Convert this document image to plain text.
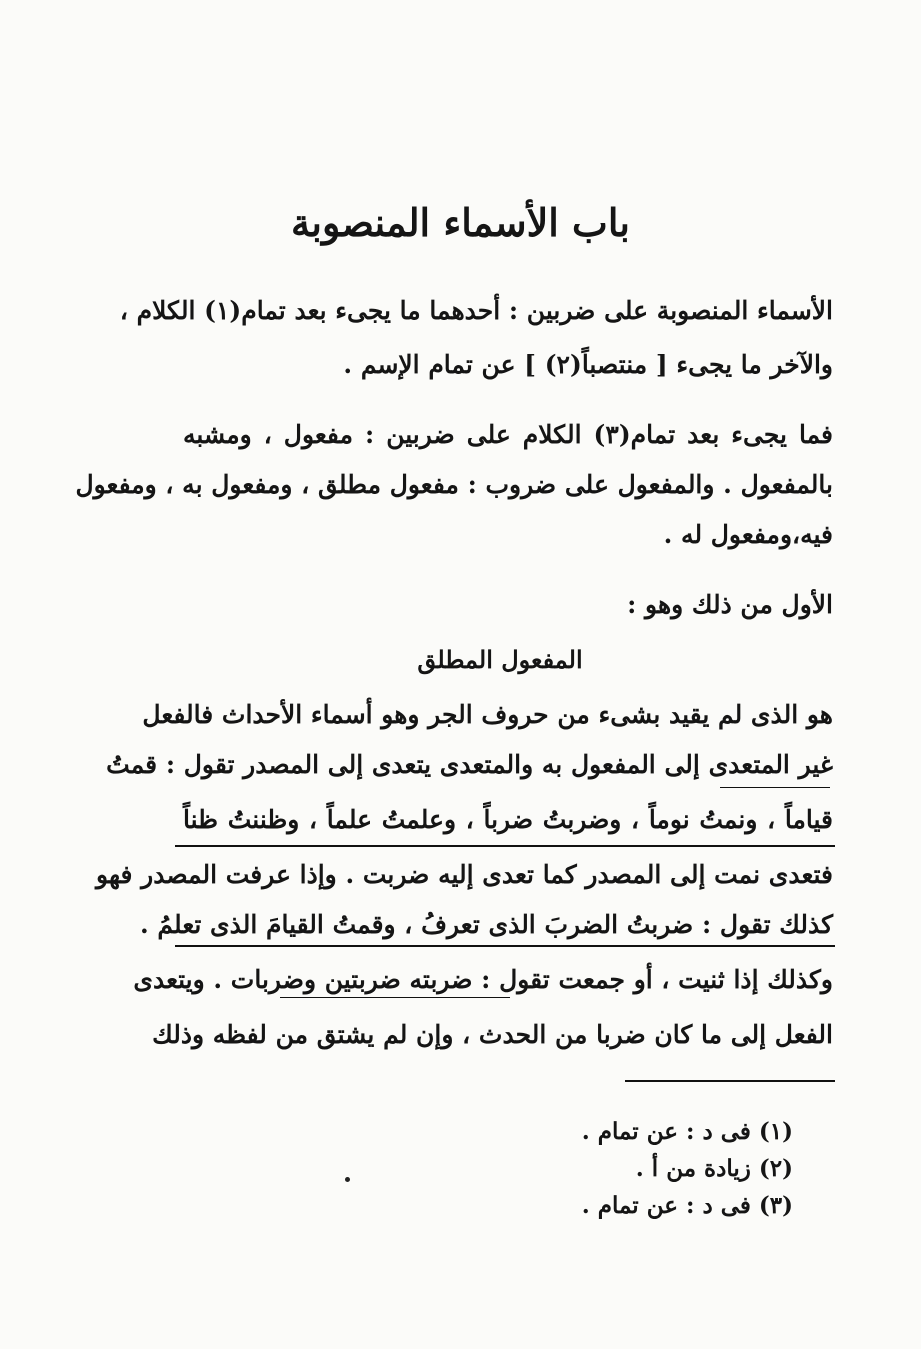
باب الأسماء المنصوبة
الأسماء المنصوبة على ضربين : أحدهما ما يجىء بعد تمام(١) الكلام ،
والآخر ما يجىء [ منتصباً(٢) ] عن تمام الإسم .
فما يجىء بعد تمام(٣) الكلام على ضربين : مفعول ، ومشبه
بالمفعول . والمفعول على ضروب : مفعول مطلق ، ومفعول به ، ومفعول
فيه،ومفعول له .
الأول من ذلك وهو :
المفعول المطلق
هو الذى لم يقيد بشىء من حروف الجر وهو أسماء الأحداث فالفعل
غير المتعدى إلى المفعول به والمتعدى يتعدى إلى المصدر تقول : قمتُ
قياماً ، ونمتُ نوماً ، وضربتُ ضرباً ، وعلمتُ علماً ، وظننتُ ظناً
فتعدى نمت إلى المصدر كما تعدى إليه ضربت . وإذا عرفت المصدر فهو
كذلك تقول : ضربتُ الضربَ الذى تعرفُ ، وقمتُ القيامَ الذى تعلمُ .
وكذلك إذا ثنيت ، أو جمعت تقول : ضربته ضربتين وضربات . ويتعدى
الفعل إلى ما كان ضربا من الحدث ، وإن لم يشتق من لفظه وذلك
(١) فى د : عن تمام .
(٢) زيادة من أ .
(٣) فى د : عن تمام .
